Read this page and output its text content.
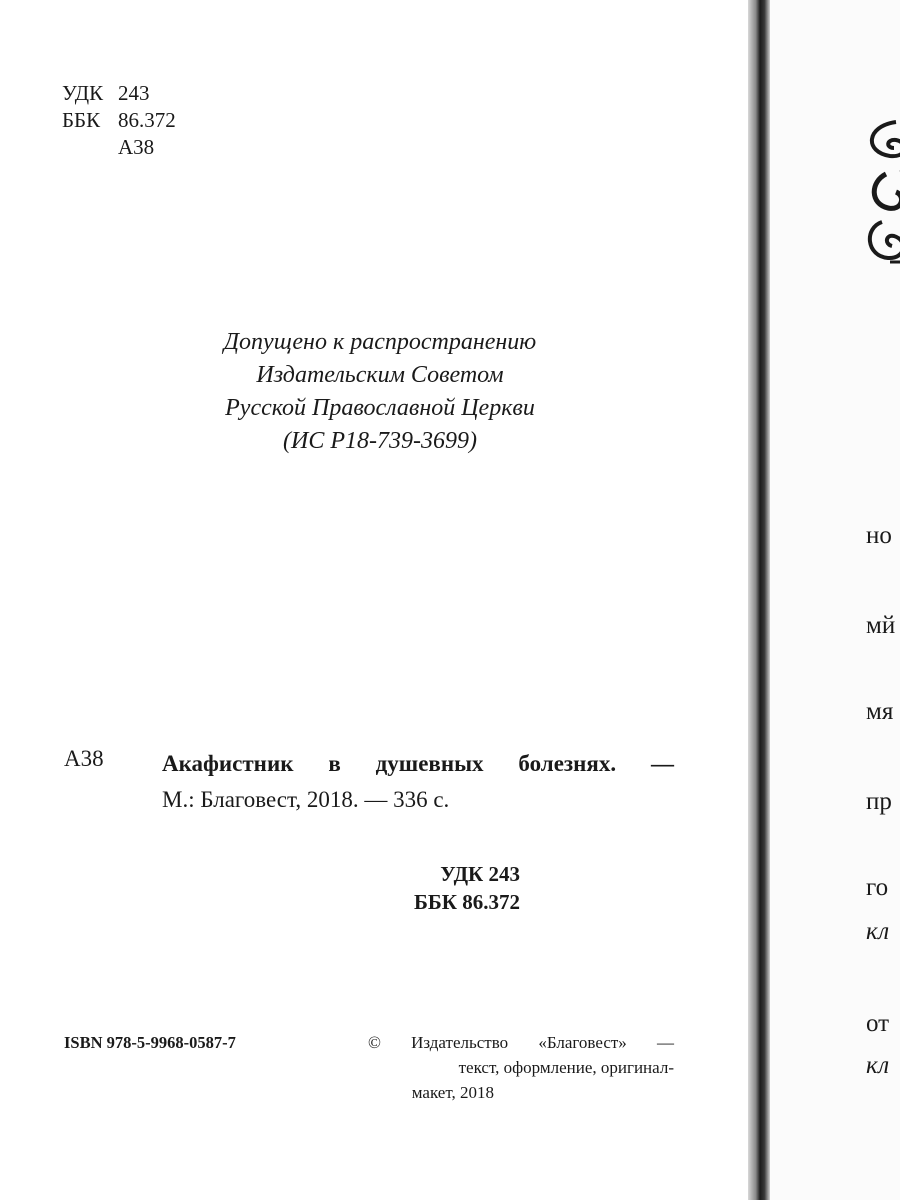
УДК 243
ББК 86.372
А38
Допущено к распространению
Издательским Советом
Русской Православной Церкви
(ИС Р18-739-3699)
А38	Акафистник в душевных болезнях. —
М.: Благовест, 2018. — 336 с.
УДК 243
ББК 86.372
ISBN 978-5-9968-0587-7	© Издательство «Благовест» —
текст, оформление, оригинал-
макет, 2018
но
мй
мя
пр
го
кл
от
кл
